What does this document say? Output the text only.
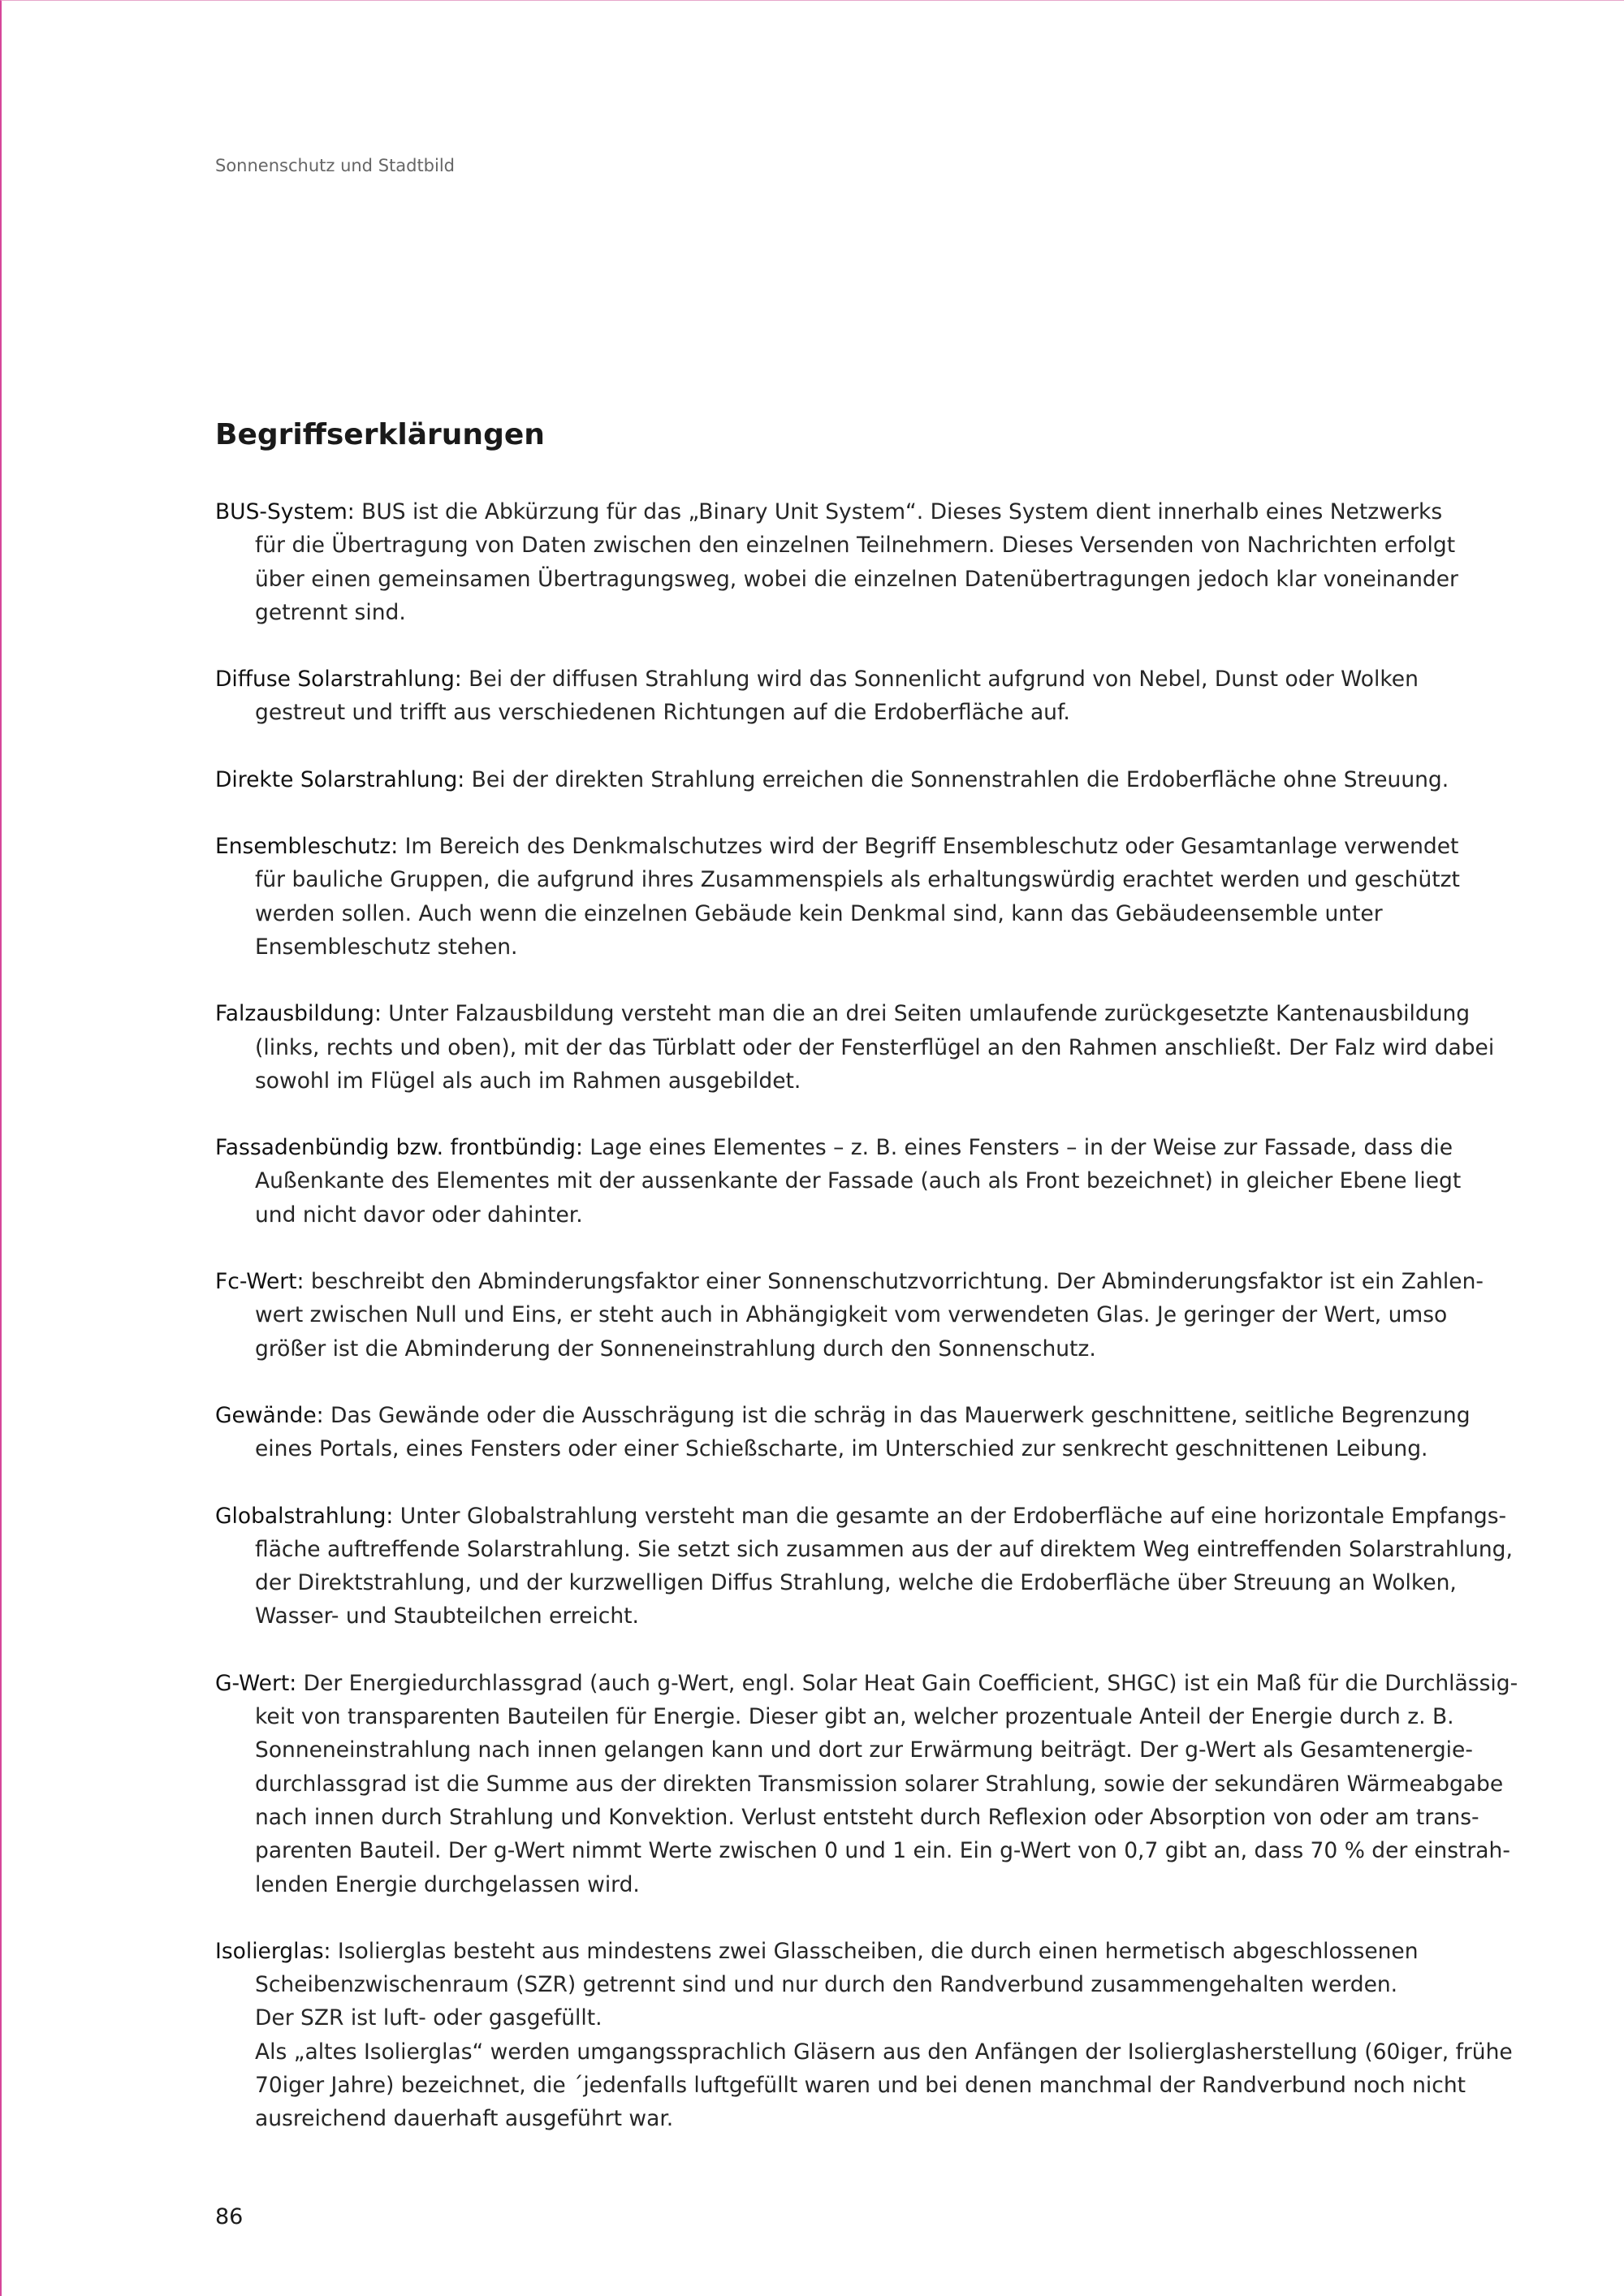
Sonnenschutz und Stadtbild
Begriffserklärungen
BUS-System: BUS ist die Abkürzung für das „Binary Unit System“. Dieses System dient innerhalb eines Netzwerks
für die Übertragung von Daten zwischen den einzelnen Teilnehmern. Dieses Versenden von Nachrichten erfolgt
über einen gemeinsamen Übertragungsweg, wobei die einzelnen Datenübertragungen jedoch klar voneinander
getrennt sind.
Diffuse Solarstrahlung: Bei der diffusen Strahlung wird das Sonnenlicht aufgrund von Nebel, Dunst oder Wolken
gestreut und trifft aus verschiedenen Richtungen auf die Erdoberfläche auf.
Direkte Solarstrahlung: Bei der direkten Strahlung erreichen die Sonnenstrahlen die Erdoberfläche ohne Streuung.
Ensembleschutz: Im Bereich des Denkmalschutzes wird der Begriff Ensembleschutz oder Gesamtanlage verwendet
für bauliche Gruppen, die aufgrund ihres Zusammenspiels als erhaltungswürdig erachtet werden und geschützt
werden sollen. Auch wenn die einzelnen Gebäude kein Denkmal sind, kann das Gebäudeensemble unter
Ensembleschutz stehen.
Falzausbildung: Unter Falzausbildung versteht man die an drei Seiten umlaufende zurückgesetzte Kantenausbildung
(links, rechts und oben), mit der das Türblatt oder der Fensterflügel an den Rahmen anschließt. Der Falz wird dabei
sowohl im Flügel als auch im Rahmen ausgebildet.
Fassadenbündig bzw. frontbündig: Lage eines Elementes – z. B. eines Fensters – in der Weise zur Fassade, dass die
Außenkante des Elementes mit der aussenkante der Fassade (auch als Front bezeichnet) in gleicher Ebene liegt
und nicht davor oder dahinter.
Fc-Wert: beschreibt den Abminderungsfaktor einer Sonnenschutzvorrichtung. Der Abminderungsfaktor ist ein Zahlen-
wert zwischen Null und Eins, er steht auch in Abhängigkeit vom verwendeten Glas. Je geringer der Wert, umso
größer ist die Abminderung der Sonneneinstrahlung durch den Sonnenschutz.
Gewände: Das Gewände oder die Ausschrägung ist die schräg in das Mauerwerk geschnittene, seitliche Begrenzung
eines Portals, eines Fensters oder einer Schießscharte, im Unterschied zur senkrecht geschnittenen Leibung.
Globalstrahlung: Unter Globalstrahlung versteht man die gesamte an der Erdoberfläche auf eine horizontale Empfangs-
fläche auftreffende Solarstrahlung. Sie setzt sich zusammen aus der auf direktem Weg eintreffenden Solarstrahlung,
der Direktstrahlung, und der kurzwelligen Diffus Strahlung, welche die Erdoberfläche über Streuung an Wolken,
Wasser- und Staubteilchen erreicht.
G-Wert: Der Energiedurchlassgrad (auch g-Wert, engl. Solar Heat Gain Coefficient, SHGC) ist ein Maß für die Durchlässig-
keit von transparenten Bauteilen für Energie. Dieser gibt an, welcher prozentuale Anteil der Energie durch z. B.
Sonneneinstrahlung nach innen gelangen kann und dort zur Erwärmung beiträgt. Der g-Wert als Gesamtenergie-
durchlassgrad ist die Summe aus der direkten Transmission solarer Strahlung, sowie der sekundären Wärmeabgabe
nach innen durch Strahlung und Konvektion. Verlust entsteht durch Reflexion oder Absorption von oder am trans-
parenten Bauteil. Der g-Wert nimmt Werte zwischen 0 und 1 ein. Ein g-Wert von 0,7 gibt an, dass 70 % der einstrah-
lenden Energie durchgelassen wird.
Isolierglas: Isolierglas besteht aus mindestens zwei Glasscheiben, die durch einen hermetisch abgeschlossenen
Scheibenzwischenraum (SZR) getrennt sind und nur durch den Randverbund zusammengehalten werden.
Der SZR ist luft- oder gasgefüllt.
Als „altes Isolierglas“ werden umgangssprachlich Gläsern aus den Anfängen der Isolierglasherstellung (60iger, frühe
70iger Jahre) bezeichnet, die ´jedenfalls luftgefüllt waren und bei denen manchmal der Randverbund noch nicht
ausreichend dauerhaft ausgeführt war.
86
